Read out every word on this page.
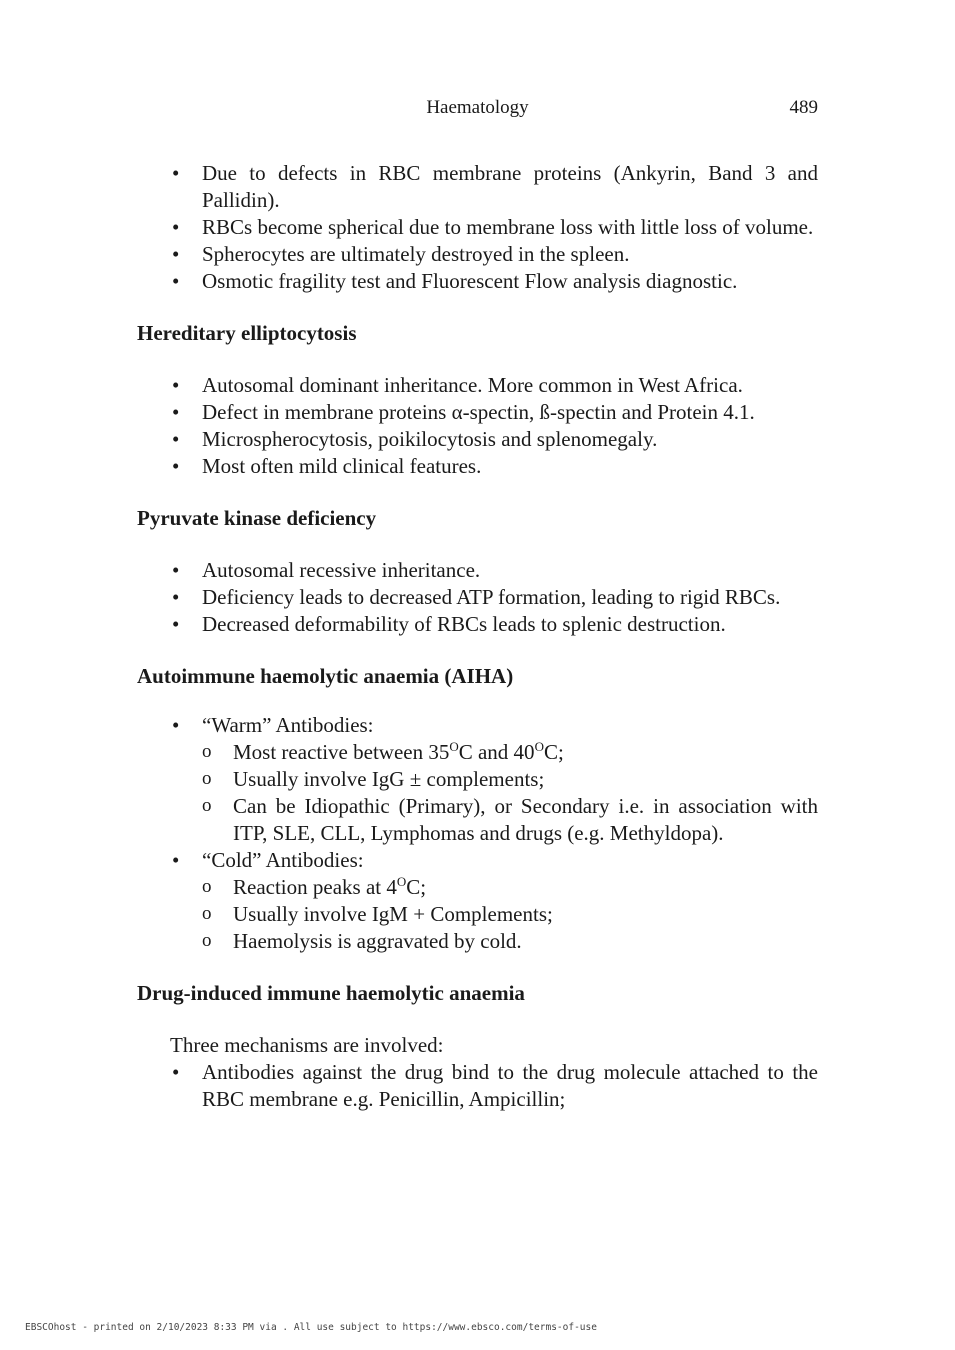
Haematology	489
• Due to defects in RBC membrane proteins (Ankyrin, Band 3 and Pallidin).
• RBCs become spherical due to membrane loss with little loss of volume.
• Spherocytes are ultimately destroyed in the spleen.
• Osmotic fragility test and Fluorescent Flow analysis diagnostic.
Hereditary elliptocytosis
• Autosomal dominant inheritance. More common in West Africa.
• Defect in membrane proteins α-spectin, ß-spectin and Protein 4.1.
• Microspherocytosis, poikilocytosis and splenomegaly.
• Most often mild clinical features.
Pyruvate kinase deficiency
• Autosomal recessive inheritance.
• Deficiency leads to decreased ATP formation, leading to rigid RBCs.
• Decreased deformability of RBCs leads to splenic destruction.
Autoimmune haemolytic anaemia (AIHA)
• “Warm” Antibodies:
o Most reactive between $35^OC$ and $40^OC$;
o Usually involve IgG ± complements;
o Can be Idiopathic (Primary), or Secondary i.e. in association with ITP, SLE, CLL, Lymphomas and drugs (e.g. Methyldopa).
• “Cold” Antibodies:
o Reaction peaks at $4^OC$;
o Usually involve IgM + Complements;
o Haemolysis is aggravated by cold.
Drug-induced immune haemolytic anaemia
Three mechanisms are involved:
• Antibodies against the drug bind to the drug molecule attached to the RBC membrane e.g. Penicillin, Ampicillin;
EBSCOhost - printed on 2/10/2023 8:33 PM via . All use subject to https://www.ebsco.com/terms-of-use
